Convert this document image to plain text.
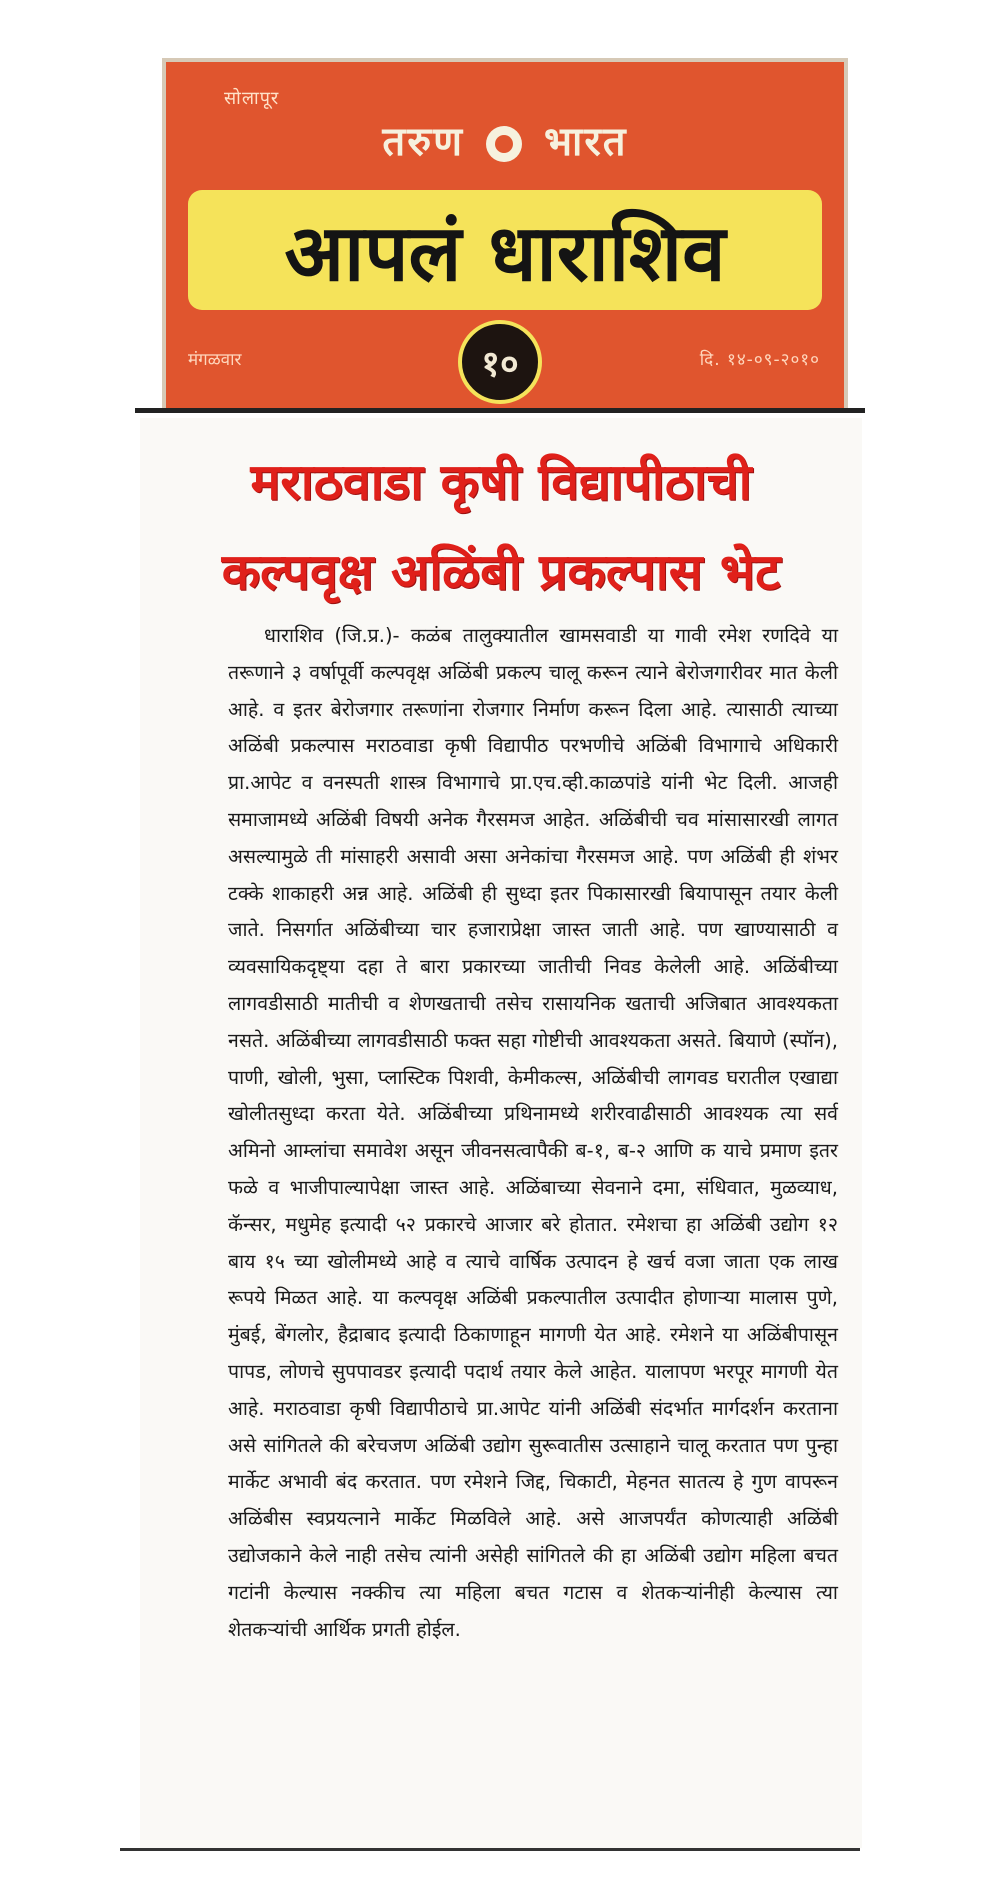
सोलापूर
तरुण भारत
आपलं धाराशिव
मंगळवार	१०	दि. १४-०९-२०१०
मराठवाडा कृषी विद्यापीठाची
कल्पवृक्ष अळिंबी प्रकल्पास भेट

धाराशिव (जि.प्र.)- कळंब तालुक्यातील खामसवाडी या गावी रमेश रणदिवे या तरूणाने ३ वर्षापूर्वी कल्पवृक्ष अळिंबी प्रकल्प चालू करून त्याने बेरोजगारीवर मात केली आहे. व इतर बेरोजगार तरूणांना रोजगार निर्माण करून दिला आहे. त्यासाठी त्याच्या अळिंबी प्रकल्पास मराठवाडा कृषी विद्यापीठ परभणीचे अळिंबी विभागाचे अधिकारी प्रा.आपेट व वनस्पती शास्त्र विभागाचे प्रा.एच.व्ही.काळपांडे यांनी भेट दिली. आजही समाजामध्ये अळिंबी विषयी अनेक गैरसमज आहेत. अळिंबीची चव मांसासारखी लागत असल्यामुळे ती मांसाहरी असावी असा अनेकांचा गैरसमज आहे. पण अळिंबी ही शंभर टक्के शाकाहरी अन्न आहे. अळिंबी ही सुध्दा इतर पिकासारखी बियापासून तयार केली जाते. निसर्गात अळिंबीच्या चार हजाराप्रेक्षा जास्त जाती आहे. पण खाण्यासाठी व व्यवसायिकदृष्ट्या दहा ते बारा प्रकारच्या जातीची निवड केलेली आहे. अळिंबीच्या लागवडीसाठी मातीची व शेणखताची तसेच रासायनिक खताची अजिबात आवश्यकता नसते. अळिंबीच्या लागवडीसाठी फक्त सहा गोष्टीची आवश्यकता असते. बियाणे (स्पॉन), पाणी, खोली, भुसा, प्लास्टिक पिशवी, केमीकल्स, अळिंबीची लागवड घरातील एखाद्या खोलीतसुध्दा करता येते. अळिंबीच्या प्रथिनामध्ये शरीरवाढीसाठी आवश्यक त्या सर्व अमिनो आम्लांचा समावेश असून जीवनसत्वापैकी ब-१, ब-२ आणि क याचे प्रमाण इतर फळे व भाजीपाल्यापेक्षा जास्त आहे. अळिंबाच्या सेवनाने दमा, संधिवात, मुळव्याध, कॅन्सर, मधुमेह इत्यादी ५२ प्रकारचे आजार बरे होतात. रमेशचा हा अळिंबी उद्योग १२ बाय १५ च्या खोलीमध्ये आहे व त्याचे वार्षिक उत्पादन हे खर्च वजा जाता एक लाख रूपये मिळत आहे. या कल्पवृक्ष अळिंबी प्रकल्पातील उत्पादीत होणाऱ्या मालास पुणे, मुंबई, बेंगलोर, हैद्राबाद इत्यादी ठिकाणाहून मागणी येत आहे. रमेशने या अळिंबीपासून पापड, लोणचे सुपपावडर इत्यादी पदार्थ तयार केले आहेत. यालापण भरपूर मागणी येत आहे. मराठवाडा कृषी विद्यापीठाचे प्रा.आपेट यांनी अळिंबी संदर्भात मार्गदर्शन करताना असे सांगितले की बरेचजण अळिंबी उद्योग सुरूवातीस उत्साहाने चालू करतात पण पुन्हा मार्केट अभावी बंद करतात. पण रमेशने जिद्द, चिकाटी, मेहनत सातत्य हे गुण वापरून अळिंबीस स्वप्रयत्नाने मार्केट मिळविले आहे. असे आजपर्यंत कोणत्याही अळिंबी उद्योजकाने केले नाही तसेच त्यांनी असेही सांगितले की हा अळिंबी उद्योग महिला बचत गटांनी केल्यास नक्कीच त्या महिला बचत गटास व शेतकऱ्यांनीही केल्यास त्या शेतकऱ्यांची आर्थिक प्रगती होईल.
